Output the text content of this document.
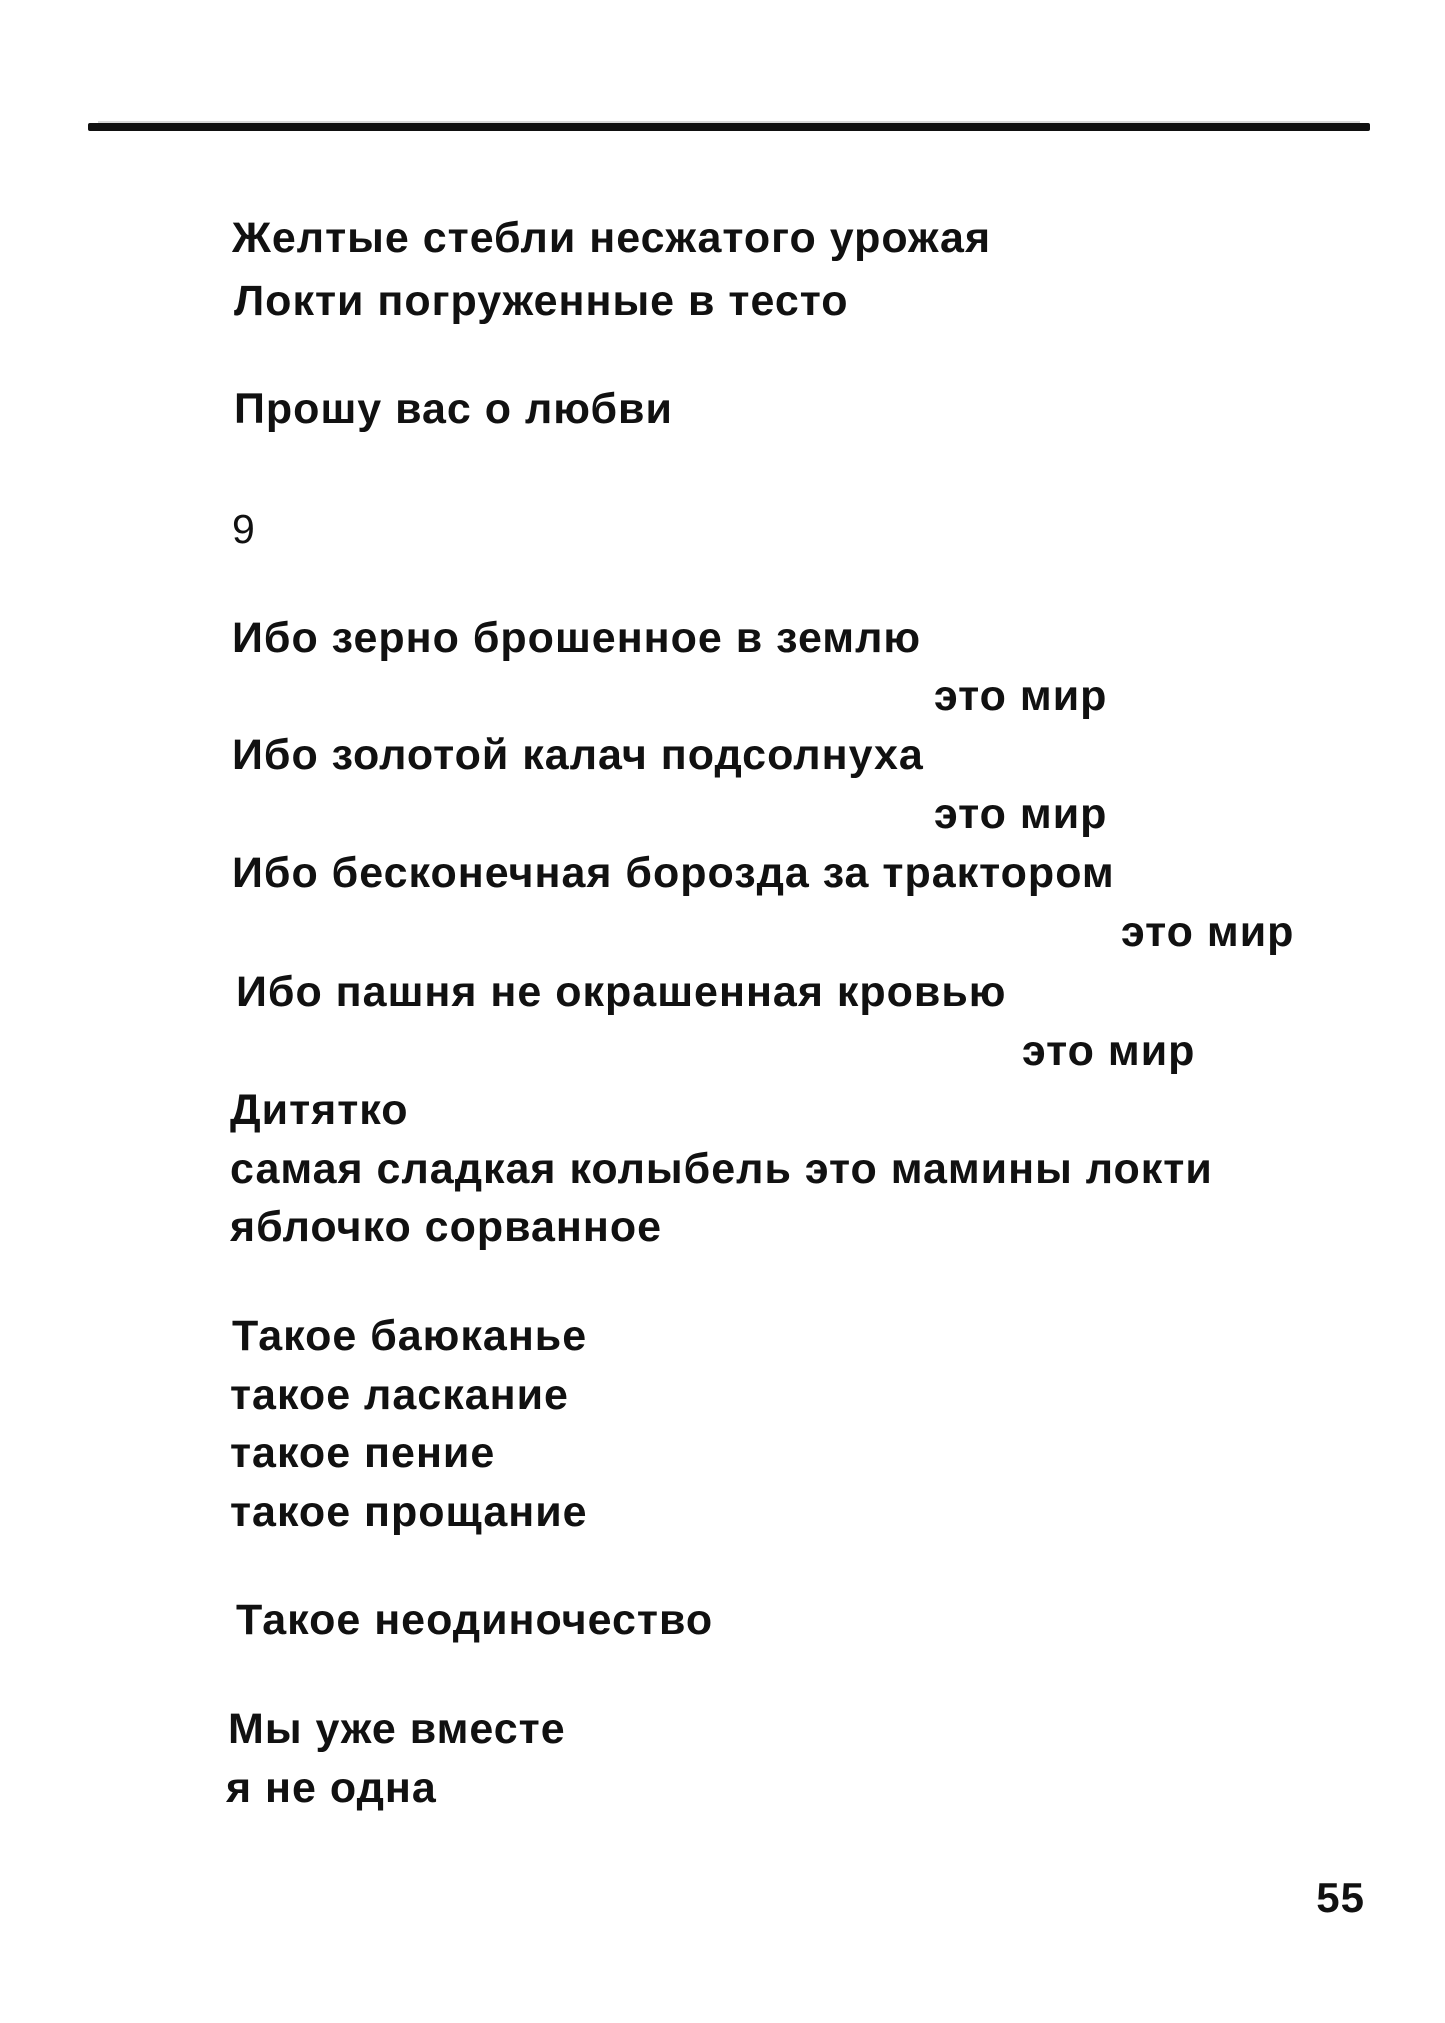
Желтые стебли несжатого урожая
Локти погруженные в тесто
Прошу вас о любви
9
Ибо зерно брошенное в землю
это мир
Ибо золотой калач подсолнуха
это мир
Ибо бесконечная борозда за трактором
это мир
Ибо пашня не окрашенная кровью
это мир
Дитятко
самая сладкая колыбель это мамины локти
яблочко сорванное
Такое баюканье
такое ласкание
такое пение
такое прощание
Такое неодиночество
Мы уже вместе
я не одна
55
